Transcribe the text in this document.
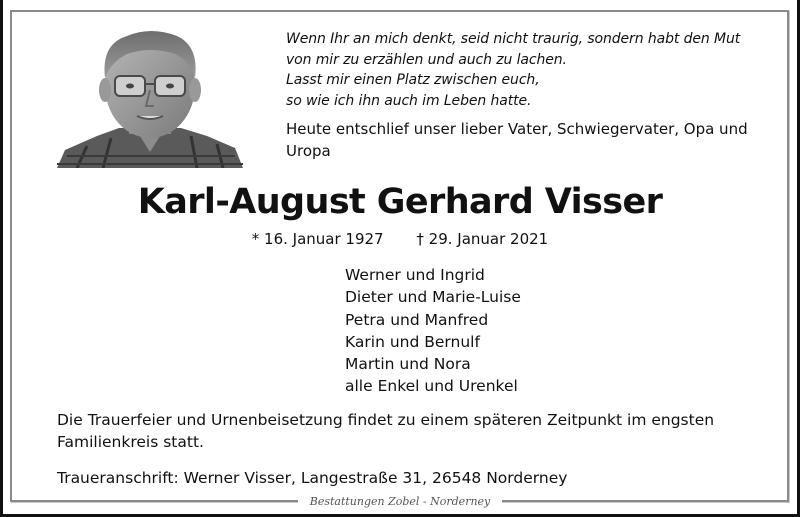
Wenn Ihr an mich denkt, seid nicht traurig, sondern habt den Mut
von mir zu erzählen und auch zu lachen.
Lasst mir einen Platz zwischen euch,
so wie ich ihn auch im Leben hatte.
Heute entschlief unser lieber Vater, Schwiegervater, Opa und Uropa
Karl-August Gerhard Visser
* 16. Januar 1927 † 29. Januar 2021
Werner und Ingrid
Dieter und Marie-Luise
Petra und Manfred
Karin und Bernulf
Martin und Nora
alle Enkel und Urenkel
Die Trauerfeier und Urnenbeisetzung findet zu einem späteren Zeitpunkt im engsten Familienkreis statt.
Traueranschrift: Werner Visser, Langestraße 31, 26548 Norderney
Bestattungen Zobel - Norderney
